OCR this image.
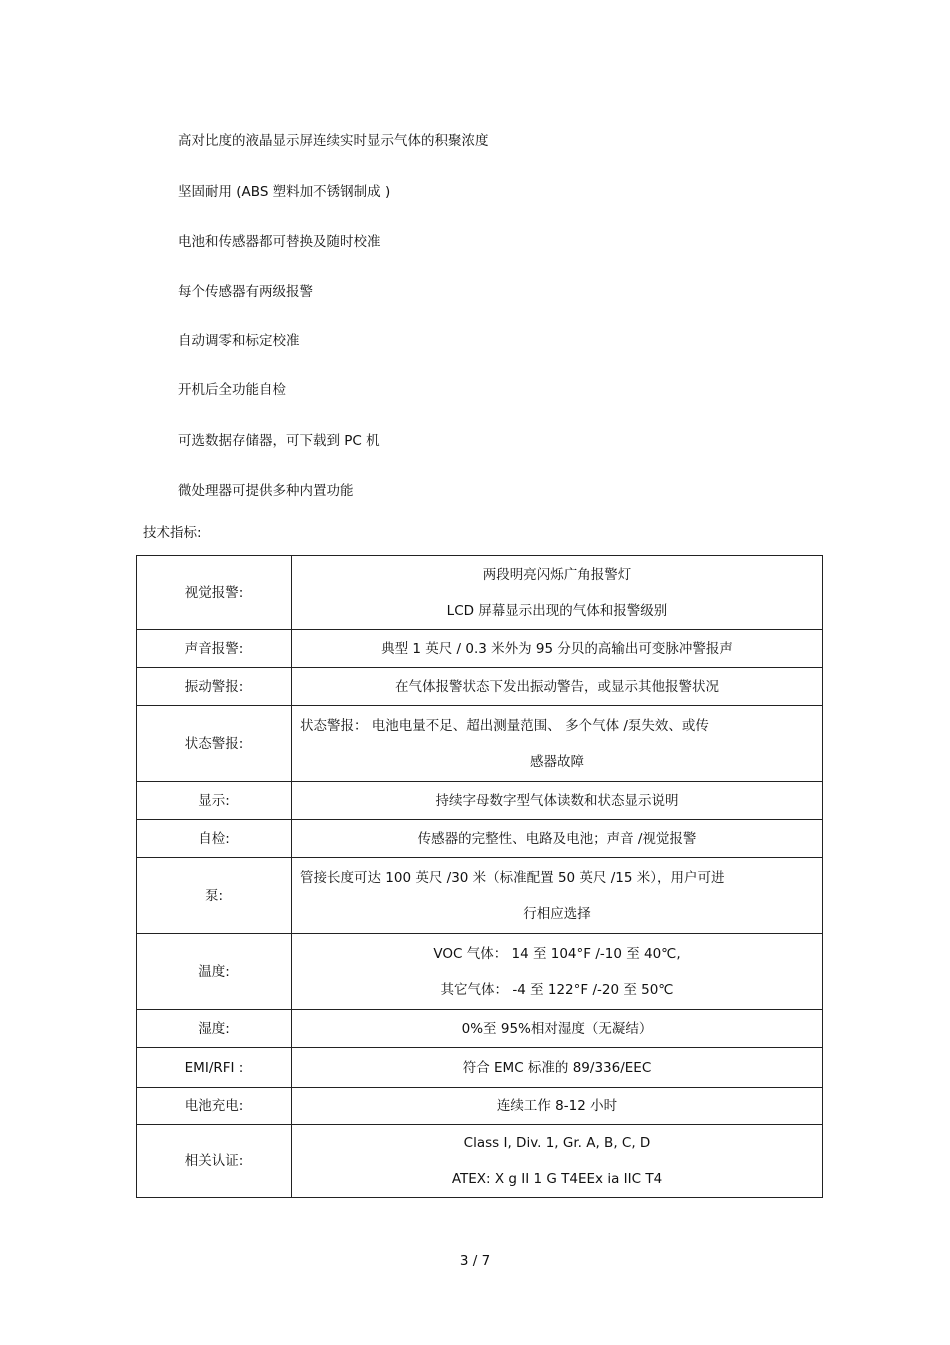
高对比度的液晶显示屏连续实时显示气体的积聚浓度

坚固耐用 (ABS 塑料加不锈钢制成 )

电池和传感器都可替换及随时校准

每个传感器有两级报警

自动调零和标定校准

开机后全功能自检

可选数据存储器，可下载到 PC 机

微处理器可提供多种内置功能

技术指标:

视觉报警:	两段明亮闪烁广角报警灯
LCD 屏幕显示出现的气体和报警级别

声音报警:	典型 1 英尺 / 0.3 米外为 95 分贝的高输出可变脉冲警报声

振动警报:	在气体报警状态下发出振动警告，或显示其他报警状况

状态警报:	状态警报： 电池电量不足、超出测量范围、 多个气体 /泵失效、或传
感器故障

显示:	持续字母数字型气体读数和状态显示说明

自检:	传感器的完整性、电路及电池；声音 /视觉报警

泵:	管接长度可达 100 英尺 /30 米（标准配置 50 英尺 /15 米），用户可进
行相应选择

温度:	VOC 气体： 14 至 104°F /-10 至 40℃,
其它气体： -4 至 122°F /-20 至 50℃

湿度:	0%至 95%相对湿度（无凝结）

EMI/RFI :	符合 EMC 标准的 89/336/EEC

电池充电:	连续工作 8-12 小时

相关认证:	Class I, Div. 1, Gr. A, B, C, D
ATEX: X g II 1 G T4EEx ia IIC T4

3 / 7
